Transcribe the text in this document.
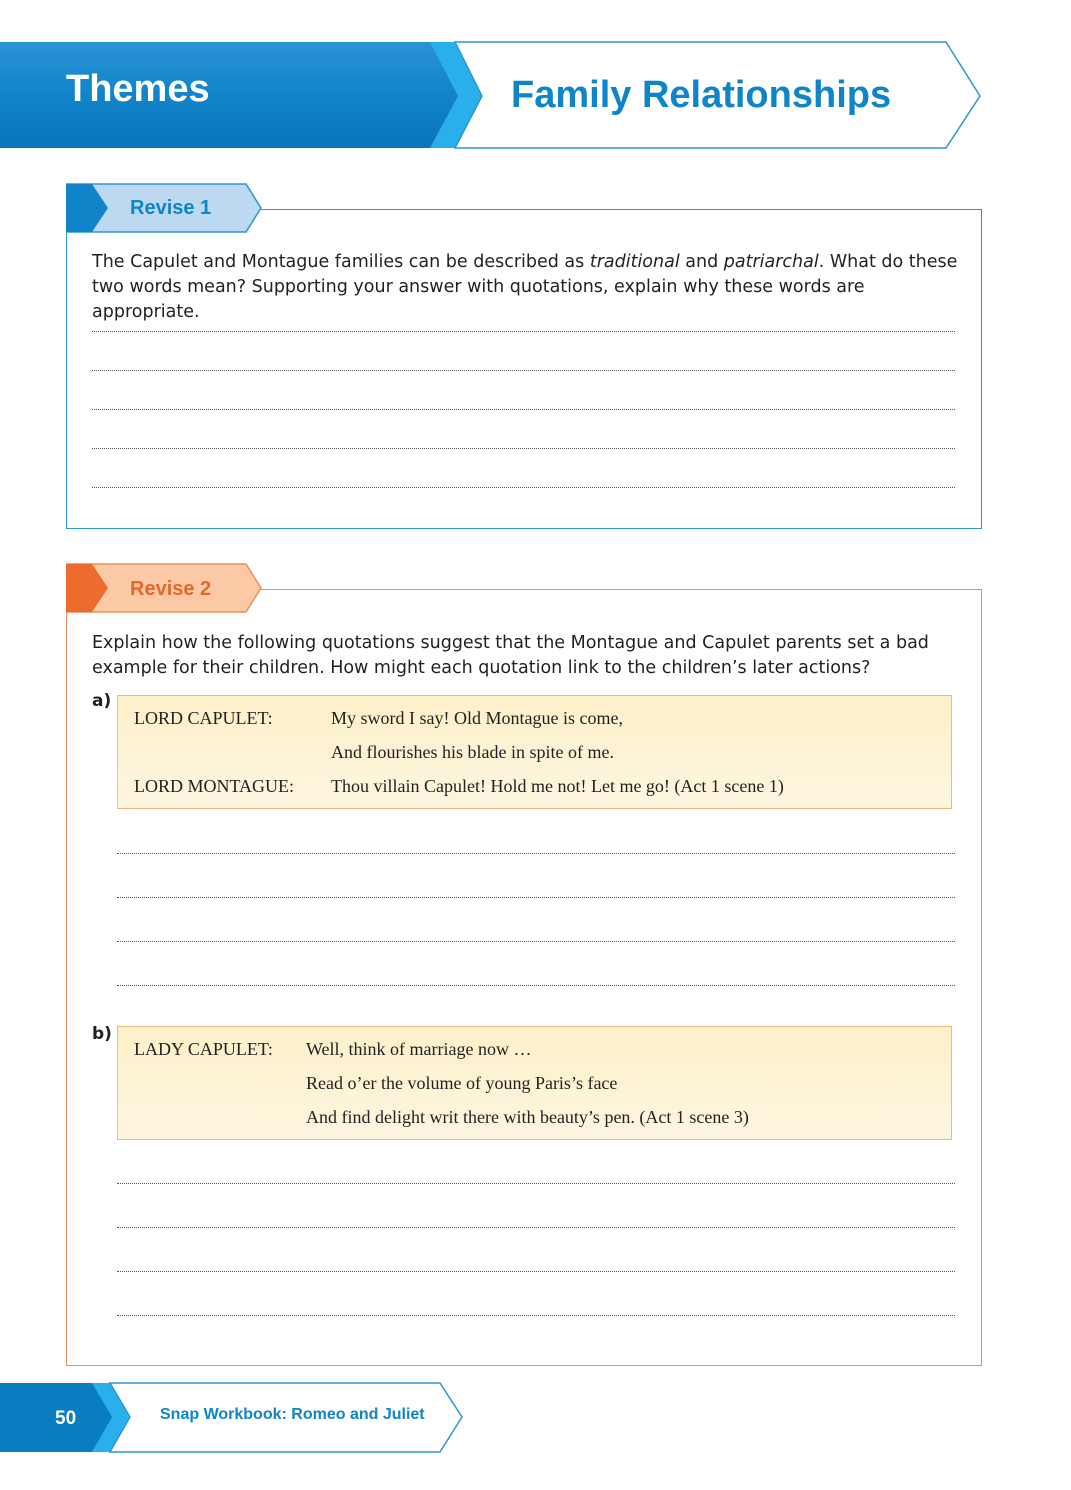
Themes	Family Relationships
Revise 1
The Capulet and Montague families can be described as traditional and patriarchal. What do these two words mean? Supporting your answer with quotations, explain why these words are appropriate.
Revise 2
Explain how the following quotations suggest that the Montague and Capulet parents set a bad example for their children. How might each quotation link to the children’s later actions?
a)
LORD CAPULET:	My sword I say! Old Montague is come,
And flourishes his blade in spite of me.
LORD MONTAGUE: Thou villain Capulet! Hold me not! Let me go! (Act 1 scene 1)
b)
LADY CAPULET: Well, think of marriage now …
Read o’er the volume of young Paris’s face
And find delight writ there with beauty’s pen. (Act 1 scene 3)
50	Snap Workbook: Romeo and Juliet
